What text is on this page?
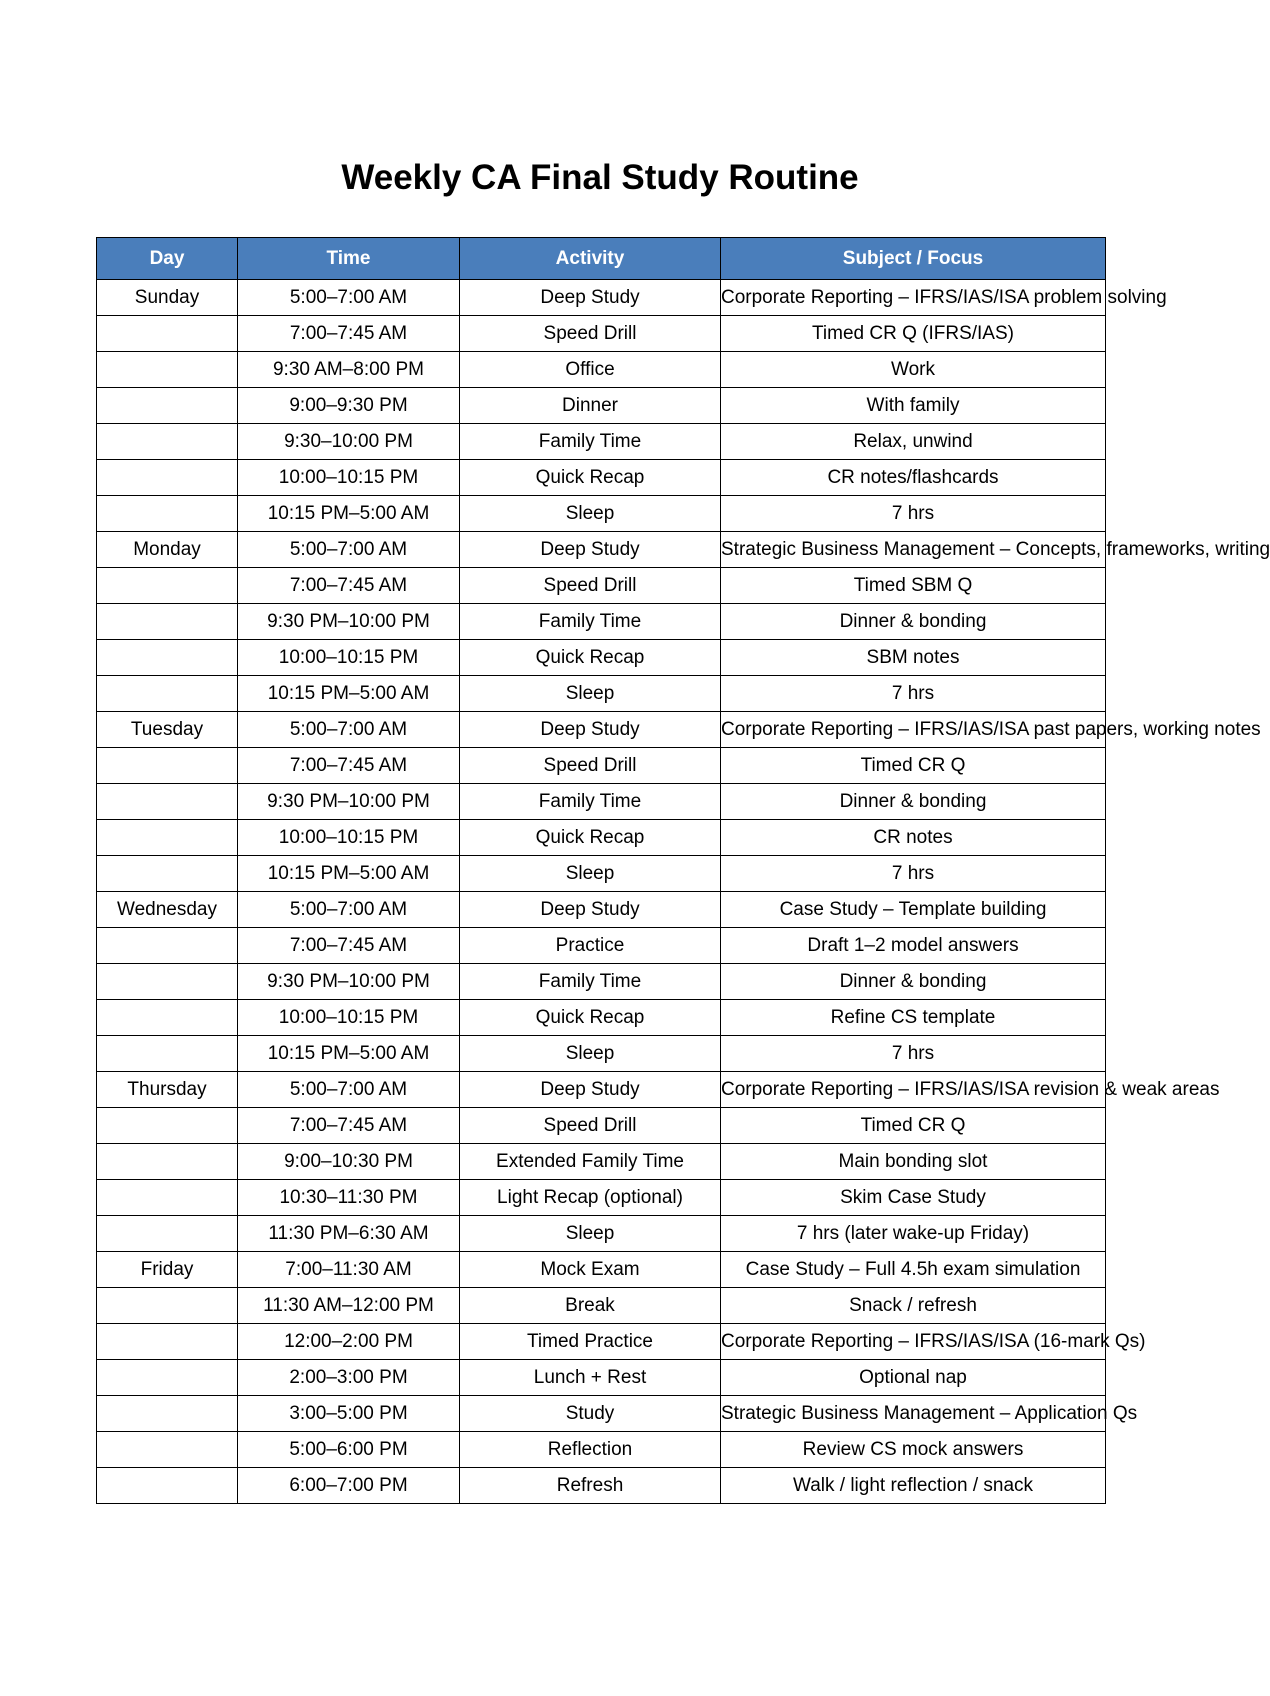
Weekly CA Final Study Routine
Day	Time	Activity	Subject / Focus
Sunday	5:00–7:00 AM	Deep Study	Corporate Reporting – IFRS/IAS/ISA problem solving
	7:00–7:45 AM	Speed Drill	Timed CR Q (IFRS/IAS)
	9:30 AM–8:00 PM	Office	Work
	9:00–9:30 PM	Dinner	With family
	9:30–10:00 PM	Family Time	Relax, unwind
	10:00–10:15 PM	Quick Recap	CR notes/flashcards
	10:15 PM–5:00 AM	Sleep	7 hrs
Monday	5:00–7:00 AM	Deep Study	Strategic Business Management – Concepts, frameworks, writing
	7:00–7:45 AM	Speed Drill	Timed SBM Q
	9:30 PM–10:00 PM	Family Time	Dinner & bonding
	10:00–10:15 PM	Quick Recap	SBM notes
	10:15 PM–5:00 AM	Sleep	7 hrs
Tuesday	5:00–7:00 AM	Deep Study	Corporate Reporting – IFRS/IAS/ISA past papers, working notes
	7:00–7:45 AM	Speed Drill	Timed CR Q
	9:30 PM–10:00 PM	Family Time	Dinner & bonding
	10:00–10:15 PM	Quick Recap	CR notes
	10:15 PM–5:00 AM	Sleep	7 hrs
Wednesday	5:00–7:00 AM	Deep Study	Case Study – Template building
	7:00–7:45 AM	Practice	Draft 1–2 model answers
	9:30 PM–10:00 PM	Family Time	Dinner & bonding
	10:00–10:15 PM	Quick Recap	Refine CS template
	10:15 PM–5:00 AM	Sleep	7 hrs
Thursday	5:00–7:00 AM	Deep Study	Corporate Reporting – IFRS/IAS/ISA revision & weak areas
	7:00–7:45 AM	Speed Drill	Timed CR Q
	9:00–10:30 PM	Extended Family Time	Main bonding slot
	10:30–11:30 PM	Light Recap (optional)	Skim Case Study
	11:30 PM–6:30 AM	Sleep	7 hrs (later wake-up Friday)
Friday	7:00–11:30 AM	Mock Exam	Case Study – Full 4.5h exam simulation
	11:30 AM–12:00 PM	Break	Snack / refresh
	12:00–2:00 PM	Timed Practice	Corporate Reporting – IFRS/IAS/ISA (16-mark Qs)
	2:00–3:00 PM	Lunch + Rest	Optional nap
	3:00–5:00 PM	Study	Strategic Business Management – Application Qs
	5:00–6:00 PM	Reflection	Review CS mock answers
	6:00–7:00 PM	Refresh	Walk / light reflection / snack
